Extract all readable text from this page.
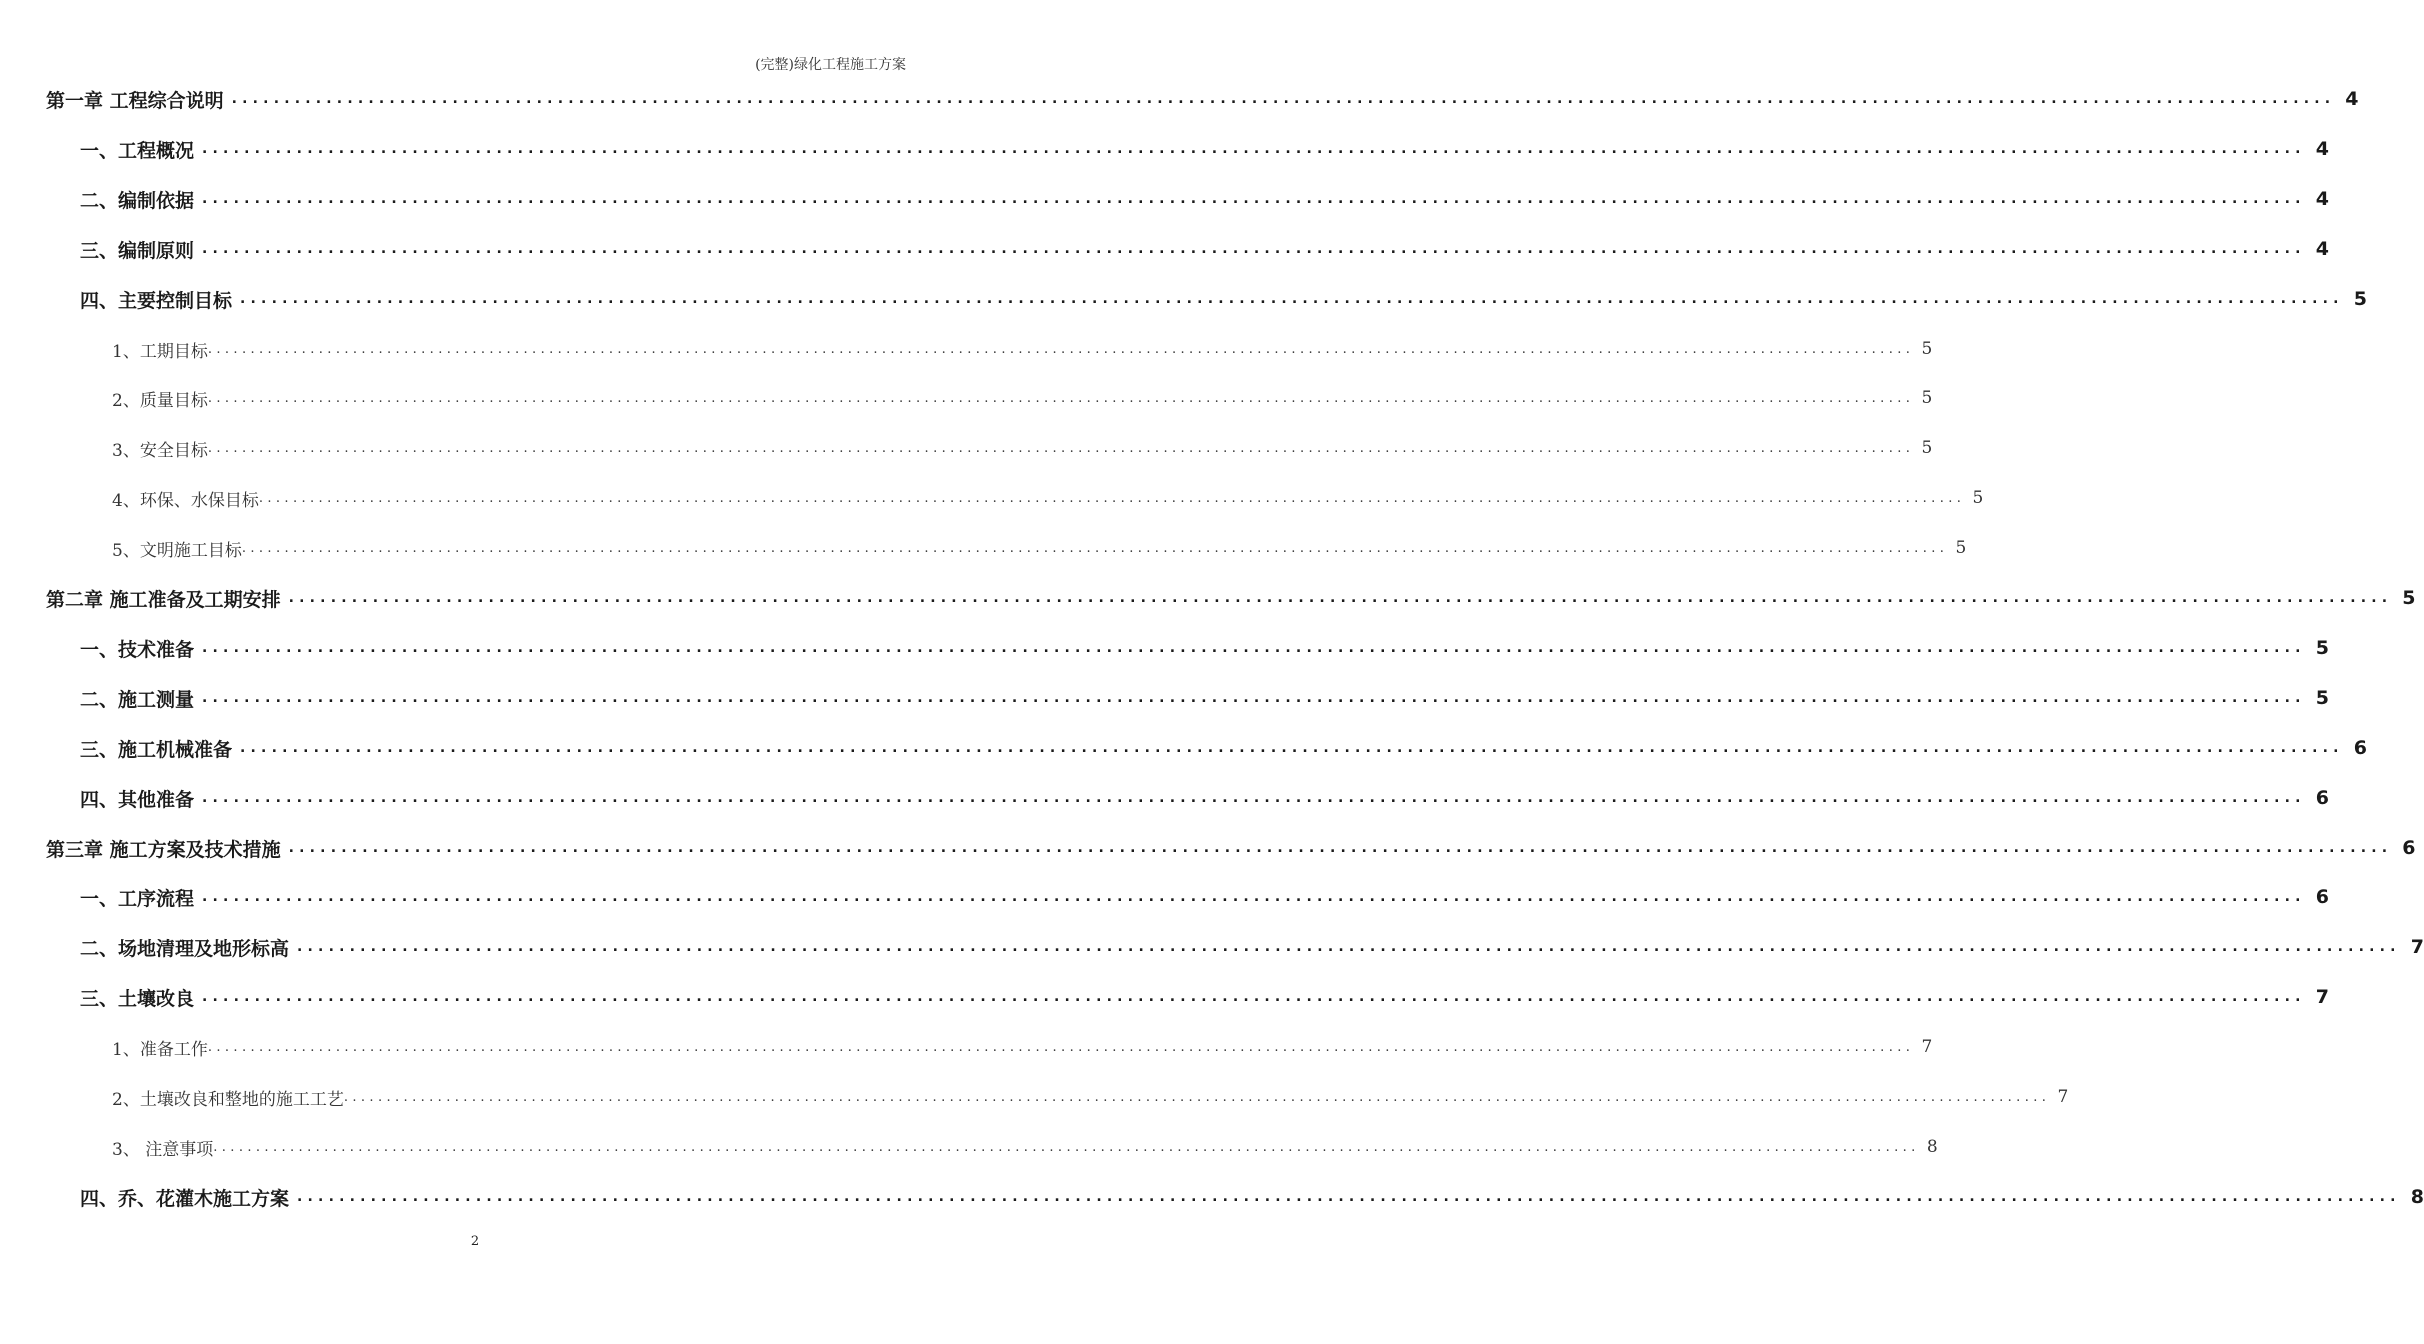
(完整)绿化工程施工方案
第一章 工程综合说明 ........................................................................................................................................................................................................ 4
一、工程概况 ........................................................................................................................................................................................................ 4
二、编制依据 ........................................................................................................................................................................................................ 4
三、编制原则 ........................................................................................................................................................................................................ 4
四、主要控制目标 ........................................................................................................................................................................................................ 5
1、工期目标 ........................................................................................................................................................................................................ 5
2、质量目标 ........................................................................................................................................................................................................ 5
3、安全目标 ........................................................................................................................................................................................................ 5
4、环保、水保目标 ........................................................................................................................................................................................................ 5
5、文明施工目标 ........................................................................................................................................................................................................ 5
第二章 施工准备及工期安排 ........................................................................................................................................................................................................ 5
一、技术准备 ........................................................................................................................................................................................................ 5
二、施工测量 ........................................................................................................................................................................................................ 5
三、施工机械准备 ........................................................................................................................................................................................................ 6
四、其他准备 ........................................................................................................................................................................................................ 6
第三章 施工方案及技术措施 ........................................................................................................................................................................................................ 6
一、工序流程 ........................................................................................................................................................................................................ 6
二、场地清理及地形标高 ........................................................................................................................................................................................................ 7
三、土壤改良 ........................................................................................................................................................................................................ 7
1、准备工作 ........................................................................................................................................................................................................ 7
2、土壤改良和整地的施工工艺 ........................................................................................................................................................................................................ 7
3、 注意事项 ........................................................................................................................................................................................................ 8
四、乔、花灌木施工方案 ........................................................................................................................................................................................................ 8
2
